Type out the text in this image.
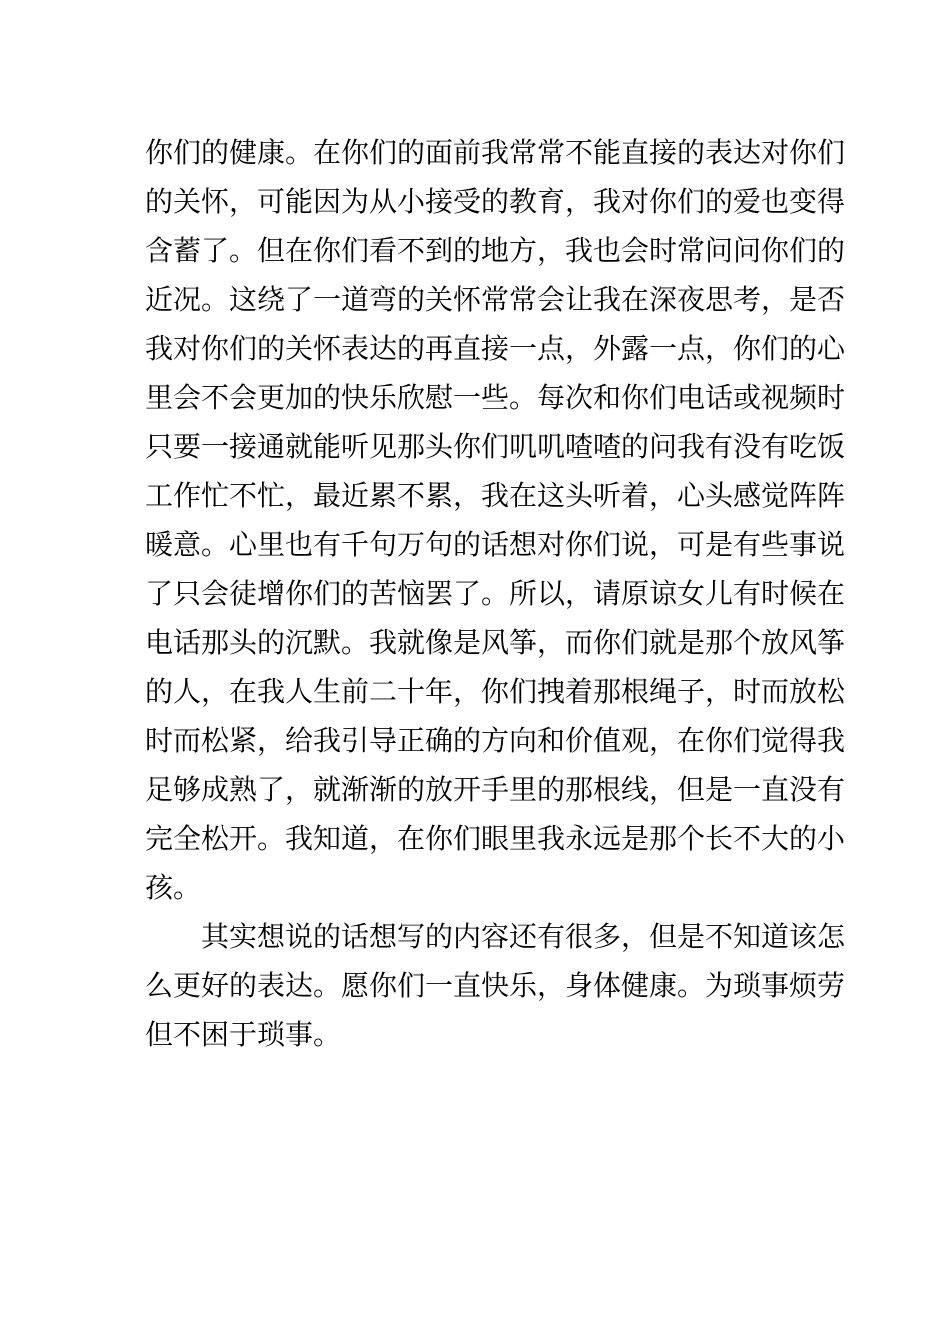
你们的健康。在你们的面前我常常不能直接的表达对你们
的关怀，可能因为从小接受的教育，我对你们的爱也变得
含蓄了。但在你们看不到的地方，我也会时常问问你们的
近况。这绕了一道弯的关怀常常会让我在深夜思考，是否
我对你们的关怀表达的再直接一点，外露一点，你们的心
里会不会更加的快乐欣慰一些。每次和你们电话或视频时
只要一接通就能听见那头你们叽叽喳喳的问我有没有吃饭
工作忙不忙，最近累不累，我在这头听着，心头感觉阵阵
暖意。心里也有千句万句的话想对你们说，可是有些事说
了只会徒增你们的苦恼罢了。所以，请原谅女儿有时候在
电话那头的沉默。我就像是风筝，而你们就是那个放风筝
的人，在我人生前二十年，你们拽着那根绳子，时而放松
时而松紧，给我引导正确的方向和价值观，在你们觉得我
足够成熟了，就渐渐的放开手里的那根线，但是一直没有
完全松开。我知道，在你们眼里我永远是那个长不大的小
孩。
其实想说的话想写的内容还有很多，但是不知道该怎
么更好的表达。愿你们一直快乐，身体健康。为琐事烦劳
但不困于琐事。
